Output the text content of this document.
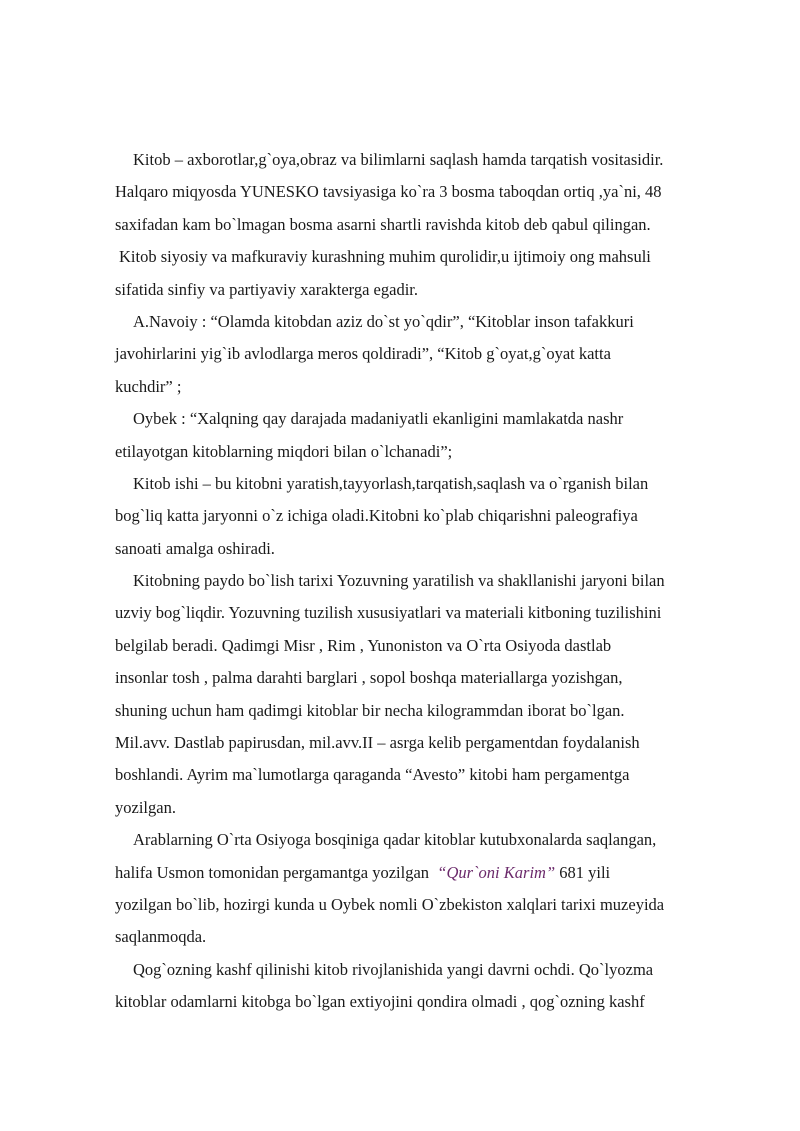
Kitob – axborotlar,g`oya,obraz va bilimlarni saqlash hamda tarqatish vositasidir.
Halqaro miqyosda YUNESKO tavsiyasiga ko`ra 3 bosma taboqdan ortiq ,ya`ni, 48
saxifadan kam bo`lmagan bosma asarni shartli ravishda kitob deb qabul qilingan.
Kitob siyosiy va mafkuraviy kurashning muhim qurolidir,u ijtimoiy ong mahsuli
sifatida sinfiy va partiyaviy xarakterga egadir.
A.Navoiy : “Olamda kitobdan aziz do`st yo`qdir”, “Kitoblar inson tafakkuri
javohirlarini yig`ib avlodlarga meros qoldiradi”, “Kitob g`oyat,g`oyat katta
kuchdir” ;
Oybek : “Xalqning qay darajada madaniyatli ekanligini mamlakatda nashr
etilayotgan kitoblarning miqdori bilan o`lchanadi”;
Kitob ishi – bu kitobni yaratish,tayyorlash,tarqatish,saqlash va o`rganish bilan
bog`liq katta jaryonni o`z ichiga oladi.Kitobni ko`plab chiqarishni paleografiya
sanoati amalga oshiradi.
Kitobning paydo bo`lish tarixi Yozuvning yaratilish va shakllanishi jaryoni bilan
uzviy bog`liqdir. Yozuvning tuzilish xususiyatlari va materiali kitboning tuzilishini
belgilab beradi. Qadimgi Misr , Rim , Yunoniston va O`rta Osiyoda dastlab
insonlar tosh , palma darahti barglari , sopol boshqa materiallarga yozishgan,
shuning uchun ham qadimgi kitoblar bir necha kilogrammdan iborat bo`lgan.
Mil.avv. Dastlab papirusdan, mil.avv.II – asrga kelib pergamentdan foydalanish
boshlandi. Ayrim ma`lumotlarga qaraganda “Avesto” kitobi ham pergamentga
yozilgan.
Arablarning O`rta Osiyoga bosqiniga qadar kitoblar kutubxonalarda saqlangan,
halifa Usmon tomonidan pergamantga yozilgan “Qur`oni Karim” 681 yili
yozilgan bo`lib, hozirgi kunda u Oybek nomli O`zbekiston xalqlari tarixi muzeyida
saqlanmoqda.
Qog`ozning kashf qilinishi kitob rivojlanishida yangi davrni ochdi. Qo`lyozma
kitoblar odamlarni kitobga bo`lgan extiyojini qondira olmadi , qog`ozning kashf
